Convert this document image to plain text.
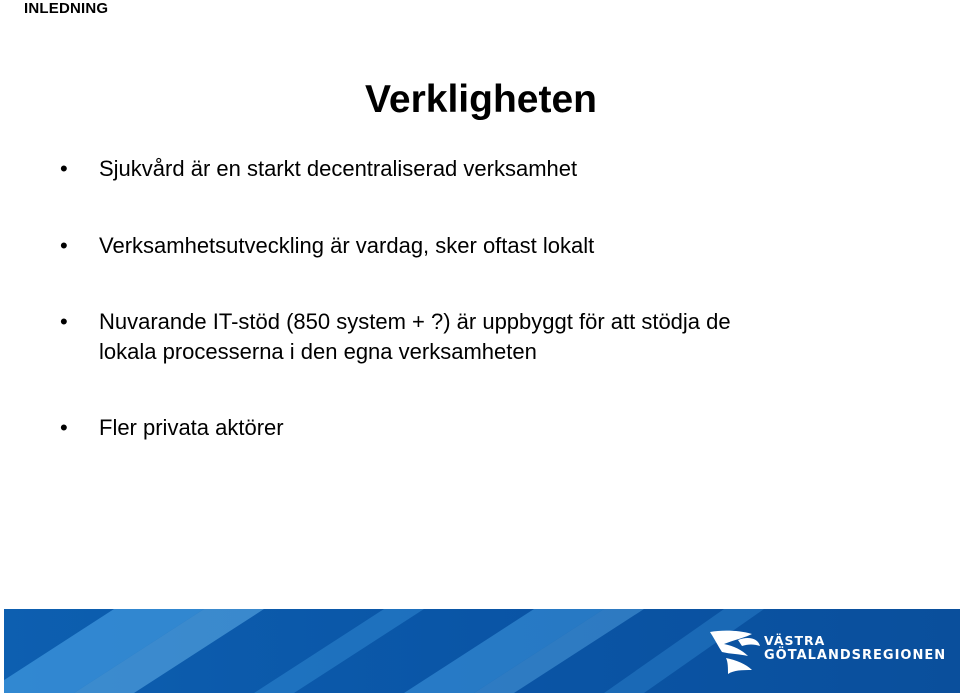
INLEDNING
Verkligheten
•	Sjukvård är en starkt decentraliserad verksamhet
•	Verksamhetsutveckling är vardag, sker oftast lokalt
•	Nuvarande IT-stöd (850 system + ?) är uppbyggt för att stödja de
lokala processerna i den egna verksamheten
•	Fler privata aktörer
VÄSTRA
GÖTALANDSREGIONEN
